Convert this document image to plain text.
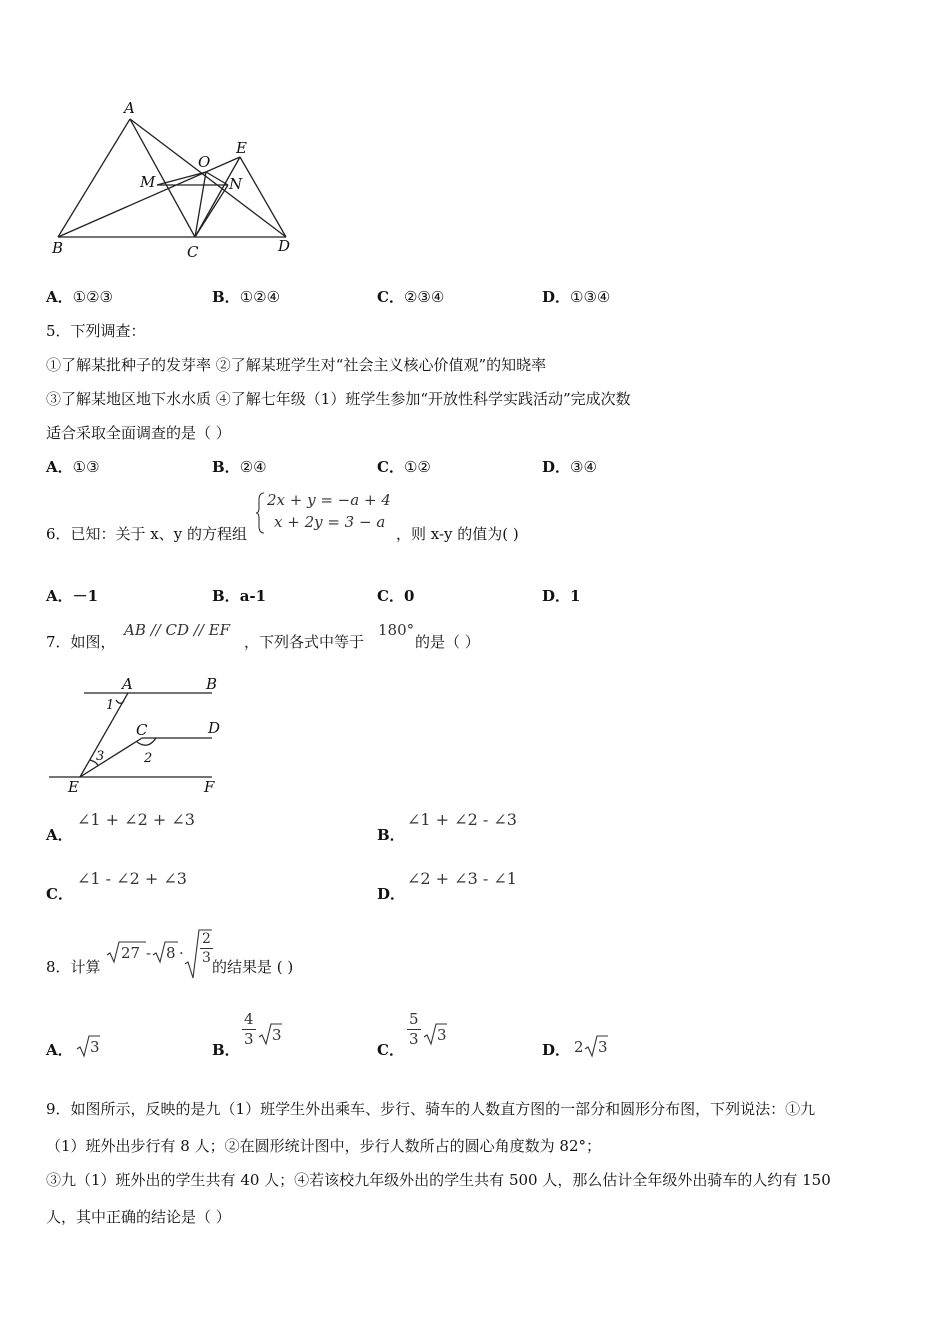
A
B	C	D
E
O
M	N
A．①②③	B．①②④	C．②③④	D．①③④
5．下列调查：
①了解某批种子的发芽率 ②了解某班学生对“社会主义核心价值观”的知晓率
③了解某地区地下水水质 ④了解七年级（1）班学生参加“开放性科学实践活动”完成次数
适合采取全面调查的是（ ）
A．①③	B．②④	C．①②	D．③④
6．已知：关于 x、y 的方程组
2x + y = −a + 4
x + 2y = 3 − a
，则 x-y 的值为( )
A．－1	B．a-1	C．0	D．1
7．如图，
AB // CD // EF
，下列各式中等于
180°
的是（ ）
A	B
C	D
E	F
1
2
3
A．
∠1 + ∠2 + ∠3
B．
∠1 + ∠2 - ∠3
C．
∠1 - ∠2 + ∠3
D．
∠2 + ∠3 - ∠1
8．计算
$27 - 8 \cdot \frac{2}{3}$
的结果是 ( )
A． 3	B．
$\frac{4}{3} 3$
C．
$\frac{5}{3} 3$
D． 2 3
9．如图所示，反映的是九（1）班学生外出乘车、步行、骑车的人数直方图的一部分和圆形分布图，下列说法：①九
（1）班外出步行有 8 人；②在圆形统计图中，步行人数所占的圆心角度数为 82°；
③九（1）班外出的学生共有 40 人；④若该校九年级外出的学生共有 500 人，那么估计全年级外出骑车的人约有 150
人，其中正确的结论是（ ）
